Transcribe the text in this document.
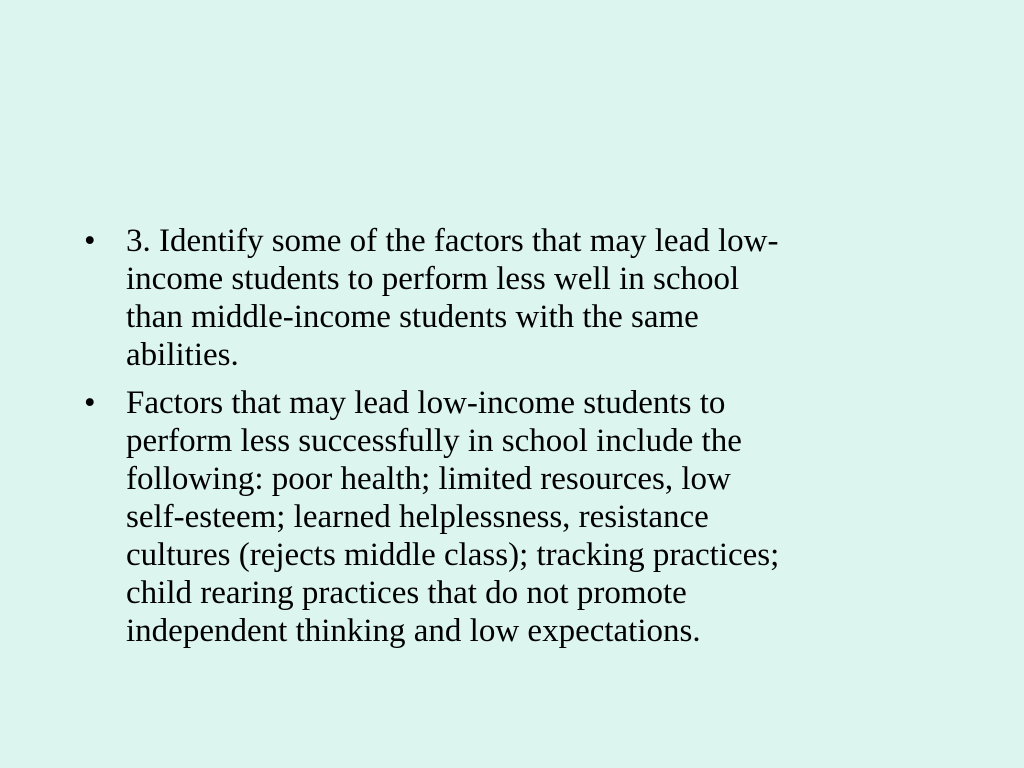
• 3. Identify some of the factors that may lead low-
income students to perform less well in school
than middle-income students with the same
abilities.
• Factors that may lead low-income students to
perform less successfully in school include the
following: poor health; limited resources, low
self-esteem; learned helplessness, resistance
cultures (rejects middle class); tracking practices;
child rearing practices that do not promote
independent thinking and low expectations.
